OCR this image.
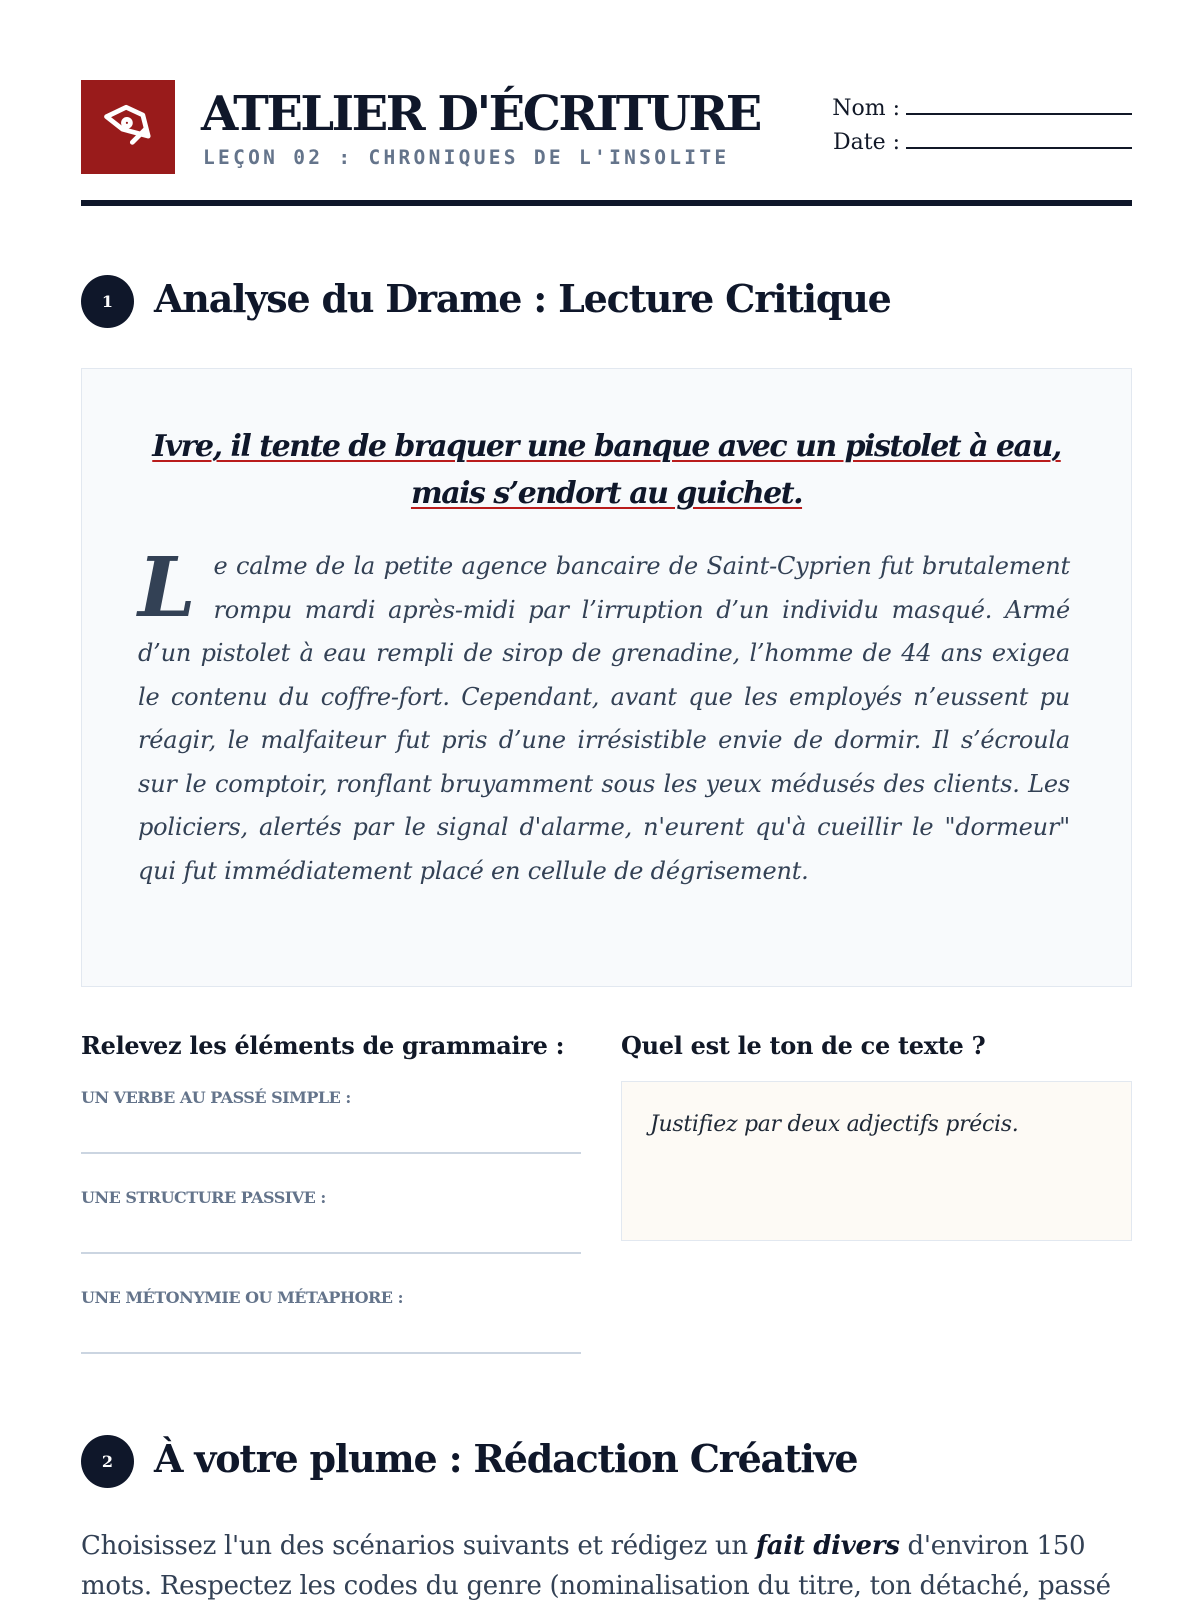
ATELIER D'ÉCRITURE
LEÇON 02 : CHRONIQUES DE L'INSOLITE
Nom :
Date :
1	Analyse du Drame : Lecture Critique
Ivre, il tente de braquer une banque avec un pistolet à eau,
mais s’endort au guichet.
Le calme de la petite agence bancaire de Saint-Cyprien fut brutalement rompu mardi après-midi par l’irruption d’un individu masqué. Armé d’un pistolet à eau rempli de sirop de grenadine, l’homme de 44 ans exigea le contenu du coffre-fort. Cependant, avant que les employés n’eussent pu réagir, le malfaiteur fut pris d’une irrésistible envie de dormir. Il s’écroula sur le comptoir, ronflant bruyamment sous les yeux médusés des clients. Les policiers, alertés par le signal d'alarme, n'eurent qu'à cueillir le "dormeur" qui fut immédiatement placé en cellule de dégrisement.
Relevez les éléments de grammaire :
UN VERBE AU PASSÉ SIMPLE :
UNE STRUCTURE PASSIVE :
UNE MÉTONYMIE OU MÉTAPHORE :
Quel est le ton de ce texte ?
Justifiez par deux adjectifs précis.
2	À votre plume : Rédaction Créative
Choisissez l'un des scénarios suivants et rédigez un fait divers d'environ 150 mots. Respectez les codes du genre (nominalisation du titre, ton détaché, passé
